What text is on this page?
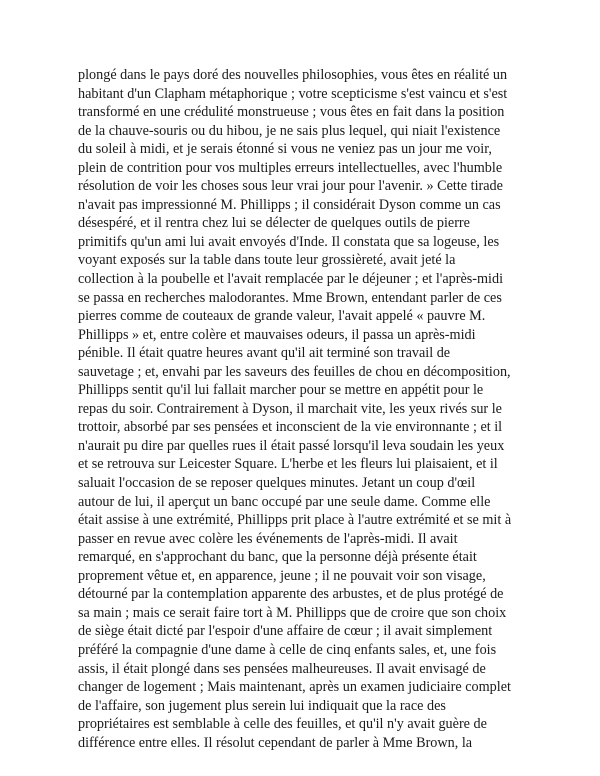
plongé dans le pays doré des nouvelles philosophies, vous êtes en réalité un
habitant d'un Clapham métaphorique ; votre scepticisme s'est vaincu et s'est
transformé en une crédulité monstrueuse ; vous êtes en fait dans la position
de la chauve-souris ou du hibou, je ne sais plus lequel, qui niait l'existence
du soleil à midi, et je serais étonné si vous ne veniez pas un jour me voir,
plein de contrition pour vos multiples erreurs intellectuelles, avec l'humble
résolution de voir les choses sous leur vrai jour pour l'avenir. » Cette tirade
n'avait pas impressionné M. Phillipps ; il considérait Dyson comme un cas
désespéré, et il rentra chez lui se délecter de quelques outils de pierre
primitifs qu'un ami lui avait envoyés d'Inde. Il constata que sa logeuse, les
voyant exposés sur la table dans toute leur grossièreté, avait jeté la
collection à la poubelle et l'avait remplacée par le déjeuner ; et l'après-midi
se passa en recherches malodorantes. Mme Brown, entendant parler de ces
pierres comme de couteaux de grande valeur, l'avait appelé « pauvre M.
Phillipps » et, entre colère et mauvaises odeurs, il passa un après-midi
pénible. Il était quatre heures avant qu'il ait terminé son travail de
sauvetage ; et, envahi par les saveurs des feuilles de chou en décomposition,
Phillipps sentit qu'il lui fallait marcher pour se mettre en appétit pour le
repas du soir. Contrairement à Dyson, il marchait vite, les yeux rivés sur le
trottoir, absorbé par ses pensées et inconscient de la vie environnante ; et il
n'aurait pu dire par quelles rues il était passé lorsqu'il leva soudain les yeux
et se retrouva sur Leicester Square. L'herbe et les fleurs lui plaisaient, et il
saluait l'occasion de se reposer quelques minutes. Jetant un coup d'œil
autour de lui, il aperçut un banc occupé par une seule dame. Comme elle
était assise à une extrémité, Phillipps prit place à l'autre extrémité et se mit à
passer en revue avec colère les événements de l'après-midi. Il avait
remarqué, en s'approchant du banc, que la personne déjà présente était
proprement vêtue et, en apparence, jeune ; il ne pouvait voir son visage,
détourné par la contemplation apparente des arbustes, et de plus protégé de
sa main ; mais ce serait faire tort à M. Phillipps que de croire que son choix
de siège était dicté par l'espoir d'une affaire de cœur ; il avait simplement
préféré la compagnie d'une dame à celle de cinq enfants sales, et, une fois
assis, il était plongé dans ses pensées malheureuses. Il avait envisagé de
changer de logement ; Mais maintenant, après un examen judiciaire complet
de l'affaire, son jugement plus serein lui indiquait que la race des
propriétaires est semblable à celle des feuilles, et qu'il n'y avait guère de
différence entre elles. Il résolut cependant de parler à Mme Brown, la
